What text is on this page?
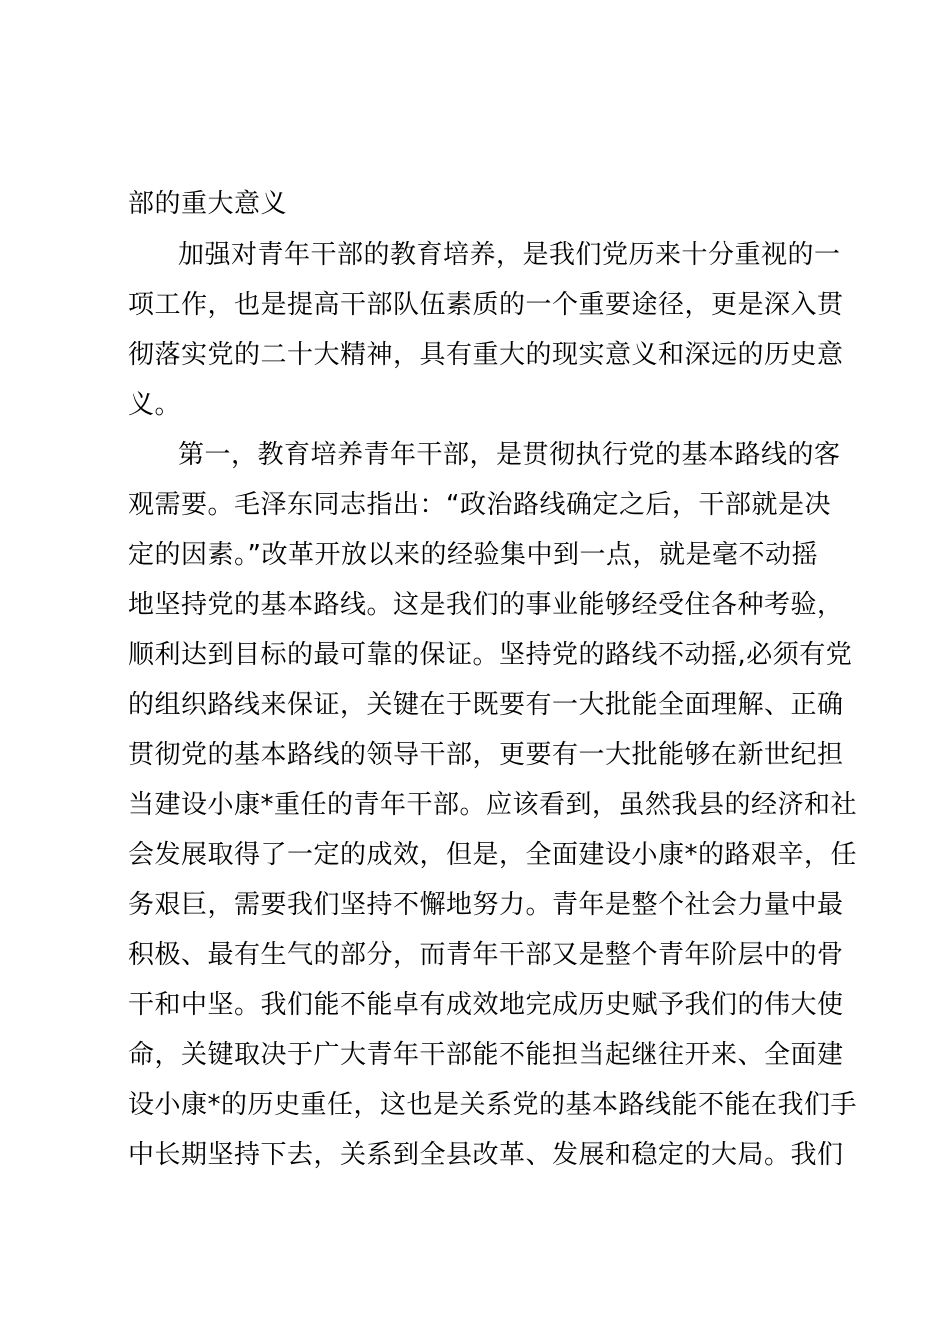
部的重大意义
加强对青年干部的教育培养，是我们党历来十分重视的一
项工作，也是提高干部队伍素质的一个重要途径，更是深入贯
彻落实党的二十大精神，具有重大的现实意义和深远的历史意
义。
第一，教育培养青年干部，是贯彻执行党的基本路线的客
观需要。毛泽东同志指出：“政治路线确定之后，干部就是决
定的因素。”改革开放以来的经验集中到一点，就是毫不动摇
地坚持党的基本路线。这是我们的事业能够经受住各种考验，
顺利达到目标的最可靠的保证。坚持党的路线不动摇,必须有党
的组织路线来保证，关键在于既要有一大批能全面理解、正确
贯彻党的基本路线的领导干部，更要有一大批能够在新世纪担
当建设小康*重任的青年干部。应该看到，虽然我县的经济和社
会发展取得了一定的成效，但是，全面建设小康*的路艰辛，任
务艰巨，需要我们坚持不懈地努力。青年是整个社会力量中最
积极、最有生气的部分，而青年干部又是整个青年阶层中的骨
干和中坚。我们能不能卓有成效地完成历史赋予我们的伟大使
命，关键取决于广大青年干部能不能担当起继往开来、全面建
设小康*的历史重任，这也是关系党的基本路线能不能在我们手
中长期坚持下去，关系到全县改革、发展和稳定的大局。我们
